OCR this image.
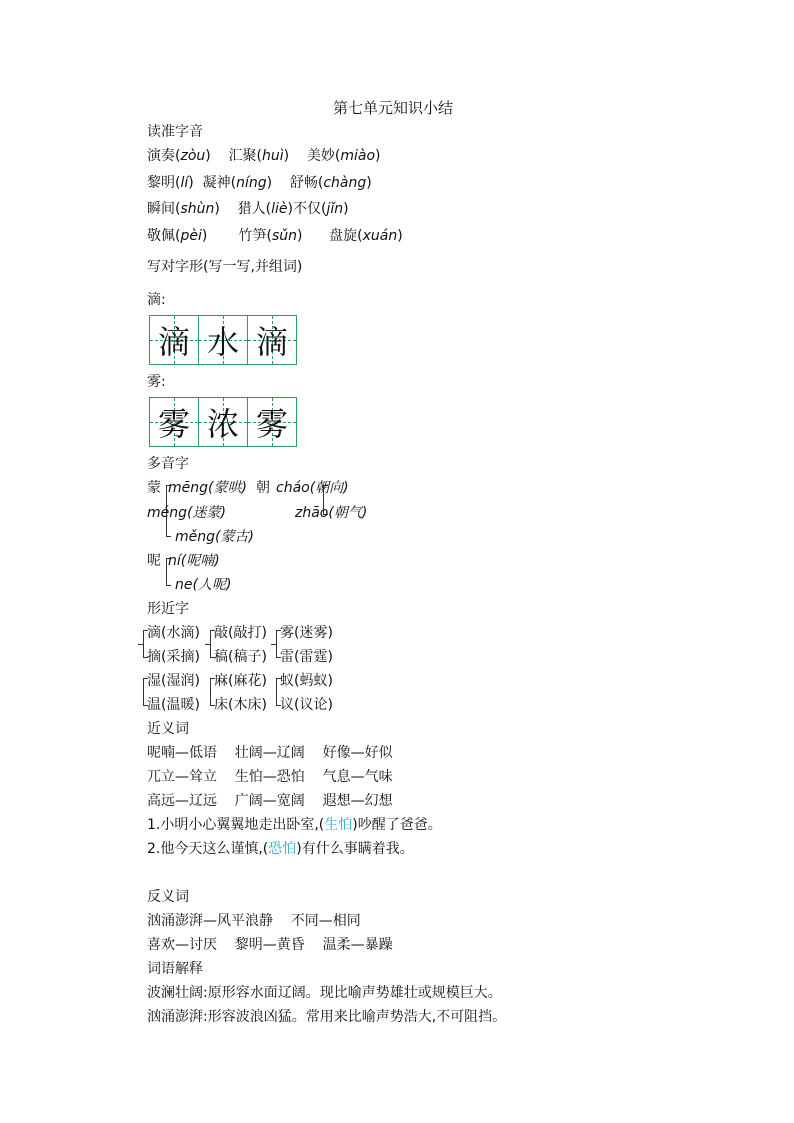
第七单元知识小结
读准字音
演奏(zòu)    汇聚(huì)    美妙(miào)
黎明(lí)  凝神(níng)    舒畅(chàng)
瞬间(shùn)    猎人(liè)不仅(jǐn)
敬佩(pèi)       竹笋(sǔn)      盘旋(xuán)
写对字形(写一写,并组词)
滴:
滴 水 滴
雾:
雾 浓 雾
多音字
蒙 mēng(蒙哄)
méng(迷蒙)
měng(蒙古)
朝 cháo(朝向)
zhāo(朝气)
呢 ní(呢喃)
ne(人呢)
形近字
滴(水滴)
摘(采摘)
敲(敲打)
稿(稿子)
雾(迷雾)
雷(雷霆)
湿(湿润)
温(温暖)
麻(麻花)
床(木床)
蚁(蚂蚁)
议(议论)
近义词
呢喃—低语    壮阔—辽阔    好像—好似
兀立—耸立    生怕—恐怕    气息—气味
高远—辽远    广阔—宽阔    遐想—幻想
1.小明小心翼翼地走出卧室,(生怕)吵醒了爸爸。
2.他今天这么谨慎,(恐怕)有什么事瞒着我。
反义词
汹涌澎湃—风平浪静    不同—相同
喜欢—讨厌    黎明—黄昏    温柔—暴躁
词语解释
波澜壮阔:原形容水面辽阔。现比喻声势雄壮或规模巨大。
汹涌澎湃:形容波浪凶猛。常用来比喻声势浩大,不可阻挡。
